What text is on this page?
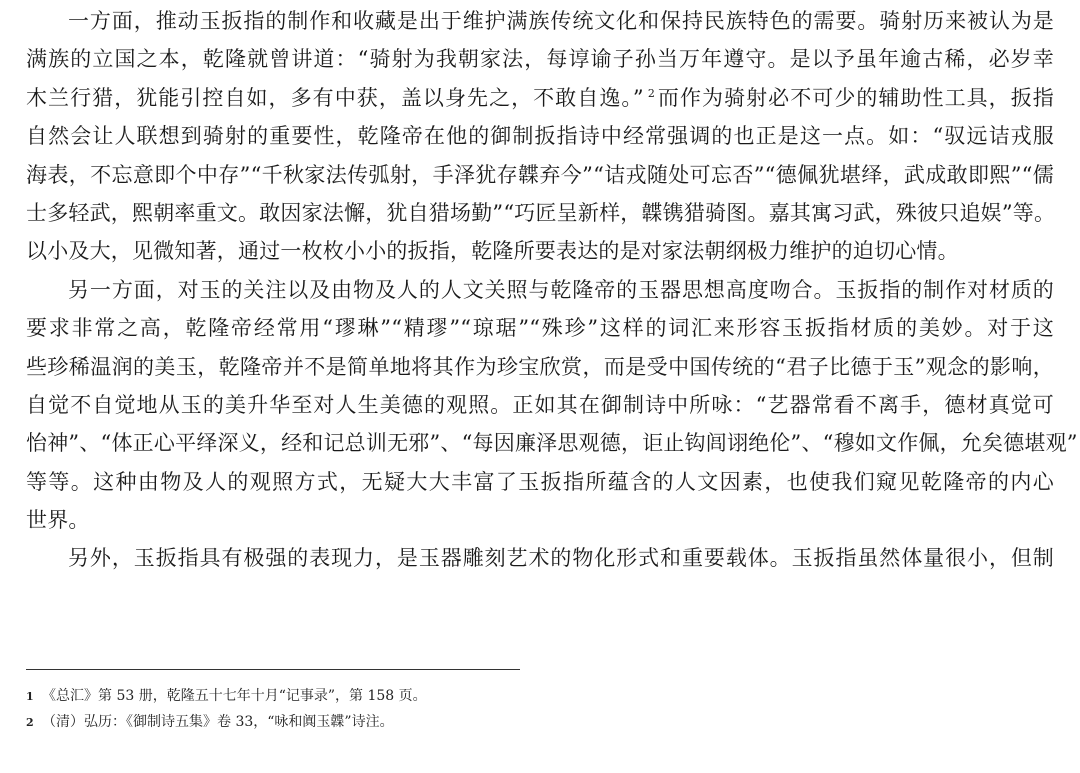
一方面，推动玉扳指的制作和收藏是出于维护满族传统文化和保持民族特色的需要。骑射历来被认为是
满族的立国之本，乾隆就曾讲道：“骑射为我朝家法，每谆谕子孙当万年遵守。是以予虽年逾古稀，必岁幸
木兰行猎，犹能引控自如，多有中获，盖以身先之，不敢自逸。” $^2$而作为骑射必不可少的辅助性工具，扳指
自然会让人联想到骑射的重要性，乾隆帝在他的御制扳指诗中经常强调的也正是这一点。如：“驭远诘戎服
海表，不忘意即个中存”“千秋家法传弧射，手泽犹存韘弃今”“诘戎随处可忘否”“德佩犹堪绎，武成敢即熙”“儒
士多轻武，熙朝率重文。敢因家法懈，犹自猎场勤”“巧匠呈新样，韘镌猎骑图。嘉其寓习武，殊彼只追娱”等。
以小及大，见微知著，通过一枚枚小小的扳指，乾隆所要表达的是对家法朝纲极力维护的迫切心情。
另一方面，对玉的关注以及由物及人的人文关照与乾隆帝的玉器思想高度吻合。玉扳指的制作对材质的
要求非常之高，乾隆帝经常用“璆琳”“精璆”“琼琚”“殊珍”这样的词汇来形容玉扳指材质的美妙。对于这
些珍稀温润的美玉，乾隆帝并不是简单地将其作为珍宝欣赏，而是受中国传统的“君子比德于玉”观念的影响，
自觉不自觉地从玉的美升华至对人生美德的观照。正如其在御制诗中所咏：“艺器常看不离手，德材真觉可
怡神”、“体正心平绎深义，经和记总训无邪”、“每因廉泽思观德，讵止钩闾诩绝伦”、“穆如文作佩，允矣德堪观”
等等。这种由物及人的观照方式，无疑大大丰富了玉扳指所蕴含的人文因素，也使我们窥见乾隆帝的内心
世界。
另外，玉扳指具有极强的表现力，是玉器雕刻艺术的物化形式和重要载体。玉扳指虽然体量很小，但制
1 《总汇》第 53 册，乾隆五十七年十月“记事录”，第 158 页。
2 （清）弘历：《御制诗五集》卷 33，“咏和阗玉韘”诗注。
